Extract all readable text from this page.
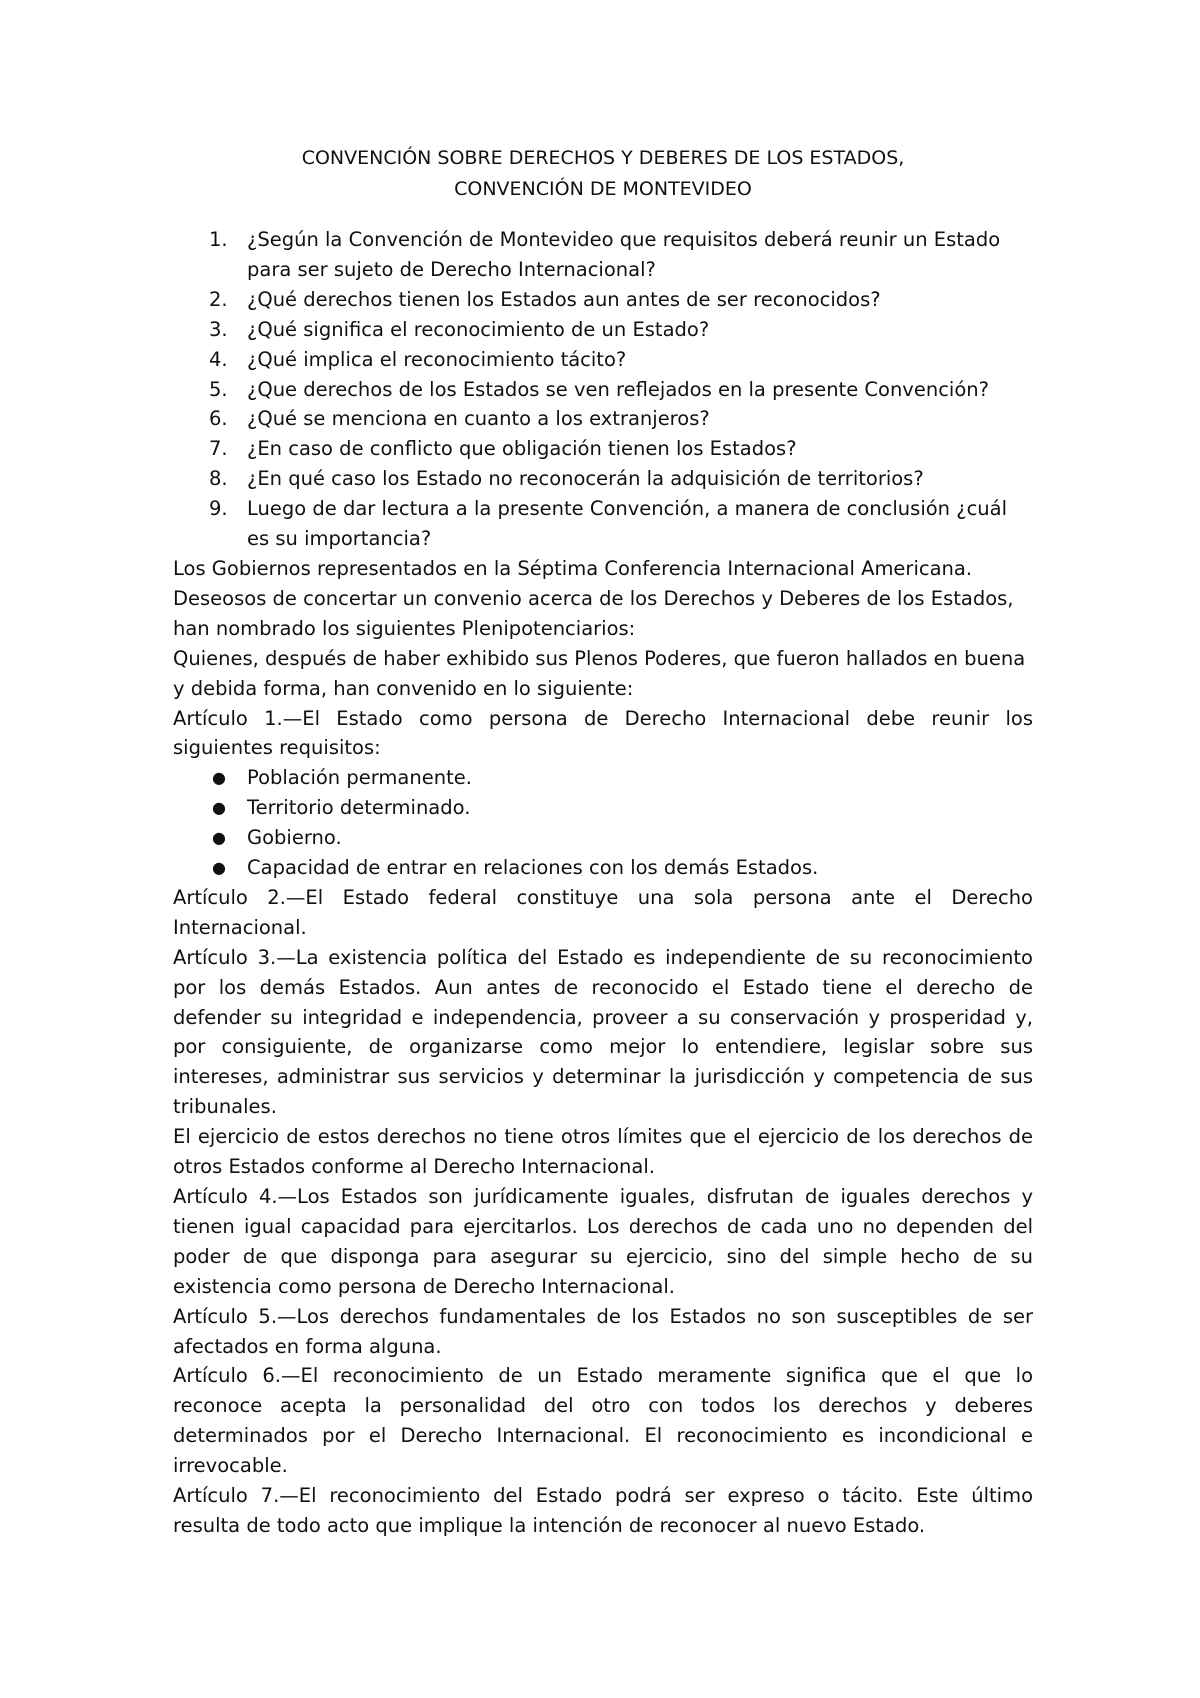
CONVENCIÓN SOBRE DERECHOS Y DEBERES DE LOS ESTADOS,
CONVENCIÓN DE MONTEVIDEO
1. ¿Según la Convención de Montevideo que requisitos deberá reunir un Estado para ser sujeto de Derecho Internacional?
2. ¿Qué derechos tienen los Estados aun antes de ser reconocidos?
3. ¿Qué significa el reconocimiento de un Estado?
4. ¿Qué implica el reconocimiento tácito?
5. ¿Que derechos de los Estados se ven reflejados en la presente Convención?
6. ¿Qué se menciona en cuanto a los extranjeros?
7. ¿En caso de conflicto que obligación tienen los Estados?
8. ¿En qué caso los Estado no reconocerán la adquisición de territorios?
9. Luego de dar lectura a la presente Convención, a manera de conclusión ¿cuál es su importancia?

Los Gobiernos representados en la Séptima Conferencia Internacional Americana.

Deseosos de concertar un convenio acerca de los Derechos y Deberes de los Estados, han nombrado los siguientes Plenipotenciarios:

Quienes, después de haber exhibido sus Plenos Poderes, que fueron hallados en buena y debida forma, han convenido en lo siguiente:

Artículo 1.—El Estado como persona de Derecho Internacional debe reunir los siguientes requisitos:

● Población permanente.
● Territorio determinado.
● Gobierno.
● Capacidad de entrar en relaciones con los demás Estados.

Artículo 2.—El Estado federal constituye una sola persona ante el Derecho Internacional.

Artículo 3.—La existencia política del Estado es independiente de su reconocimiento por los demás Estados. Aun antes de reconocido el Estado tiene el derecho de defender su integridad e independencia, proveer a su conservación y prosperidad y, por consiguiente, de organizarse como mejor lo entendiere, legislar sobre sus intereses, administrar sus servicios y determinar la jurisdicción y competencia de sus tribunales.

El ejercicio de estos derechos no tiene otros límites que el ejercicio de los derechos de otros Estados conforme al Derecho Internacional.

Artículo 4.—Los Estados son jurídicamente iguales, disfrutan de iguales derechos y tienen igual capacidad para ejercitarlos. Los derechos de cada uno no dependen del poder de que disponga para asegurar su ejercicio, sino del simple hecho de su existencia como persona de Derecho Internacional.

Artículo 5.—Los derechos fundamentales de los Estados no son susceptibles de ser afectados en forma alguna.

Artículo 6.—El reconocimiento de un Estado meramente significa que el que lo reconoce acepta la personalidad del otro con todos los derechos y deberes determinados por el Derecho Internacional. El reconocimiento es incondicional e irrevocable.

Artículo 7.—El reconocimiento del Estado podrá ser expreso o tácito. Este último resulta de todo acto que implique la intención de reconocer al nuevo Estado.
